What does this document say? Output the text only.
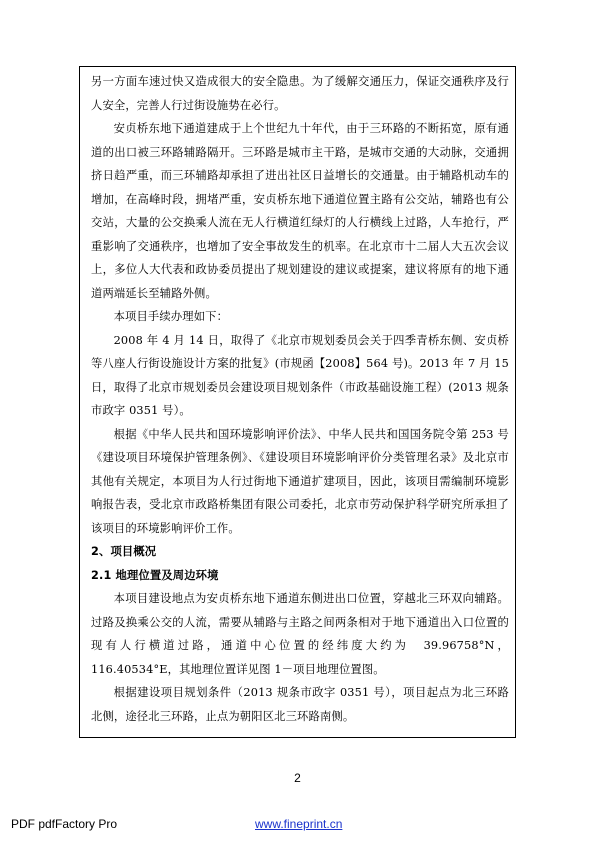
另一方面车速过快又造成很大的安全隐患。为了缓解交通压力，保证交通秩序及行人安全，完善人行过街设施势在必行。

安贞桥东地下通道建成于上个世纪九十年代，由于三环路的不断拓宽，原有通道的出口被三环路辅路隔开。三环路是城市主干路，是城市交通的大动脉，交通拥挤日趋严重，而三环辅路却承担了进出社区日益增长的交通量。由于辅路机动车的增加，在高峰时段，拥堵严重，安贞桥东地下通道位置主路有公交站，辅路也有公交站，大量的公交换乘人流在无人行横道红绿灯的人行横线上过路，人车抢行，严重影响了交通秩序，也增加了安全事故发生的机率。在北京市十二届人大五次会议上，多位人大代表和政协委员提出了规划建设的建议或提案，建议将原有的地下通道两端延长至辅路外侧。

本项目手续办理如下：

2008 年 4 月 14 日，取得了《北京市规划委员会关于四季青桥东侧、安贞桥等八座人行街设施设计方案的批复》(市规函【2008】564 号)。2013 年 7 月 15 日，取得了北京市规划委员会建设项目规划条件（市政基础设施工程）(2013 规条市政字 0351 号）。

根据《中华人民共和国环境影响评价法》、中华人民共和国国务院令第 253 号《建设项目环境保护管理条例》、《建设项目环境影响评价分类管理名录》及北京市其他有关规定，本项目为人行过街地下通道扩建项目，因此，该项目需编制环境影响报告表，受北京市政路桥集团有限公司委托，北京市劳动保护科学研究所承担了该项目的环境影响评价工作。

2、项目概况

2.1 地理位置及周边环境

本项目建设地点为安贞桥东地下通道东侧进出口位置，穿越北三环双向辅路。过路及换乘公交的人流，需要从辅路与主路之间两条相对于地下通道出入口位置的现有人行横道过路，通道中心位置的经纬度大约为　39.96758°N，116.40534°E，其地理位置详见图 1－项目地理位置图。

根据建设项目规划条件（2013 规条市政字 0351 号），项目起点为北三环路北侧，途径北三环路，止点为朝阳区北三环路南侧。

2
PDF pdfFactory Pro	www.fineprint.cn
